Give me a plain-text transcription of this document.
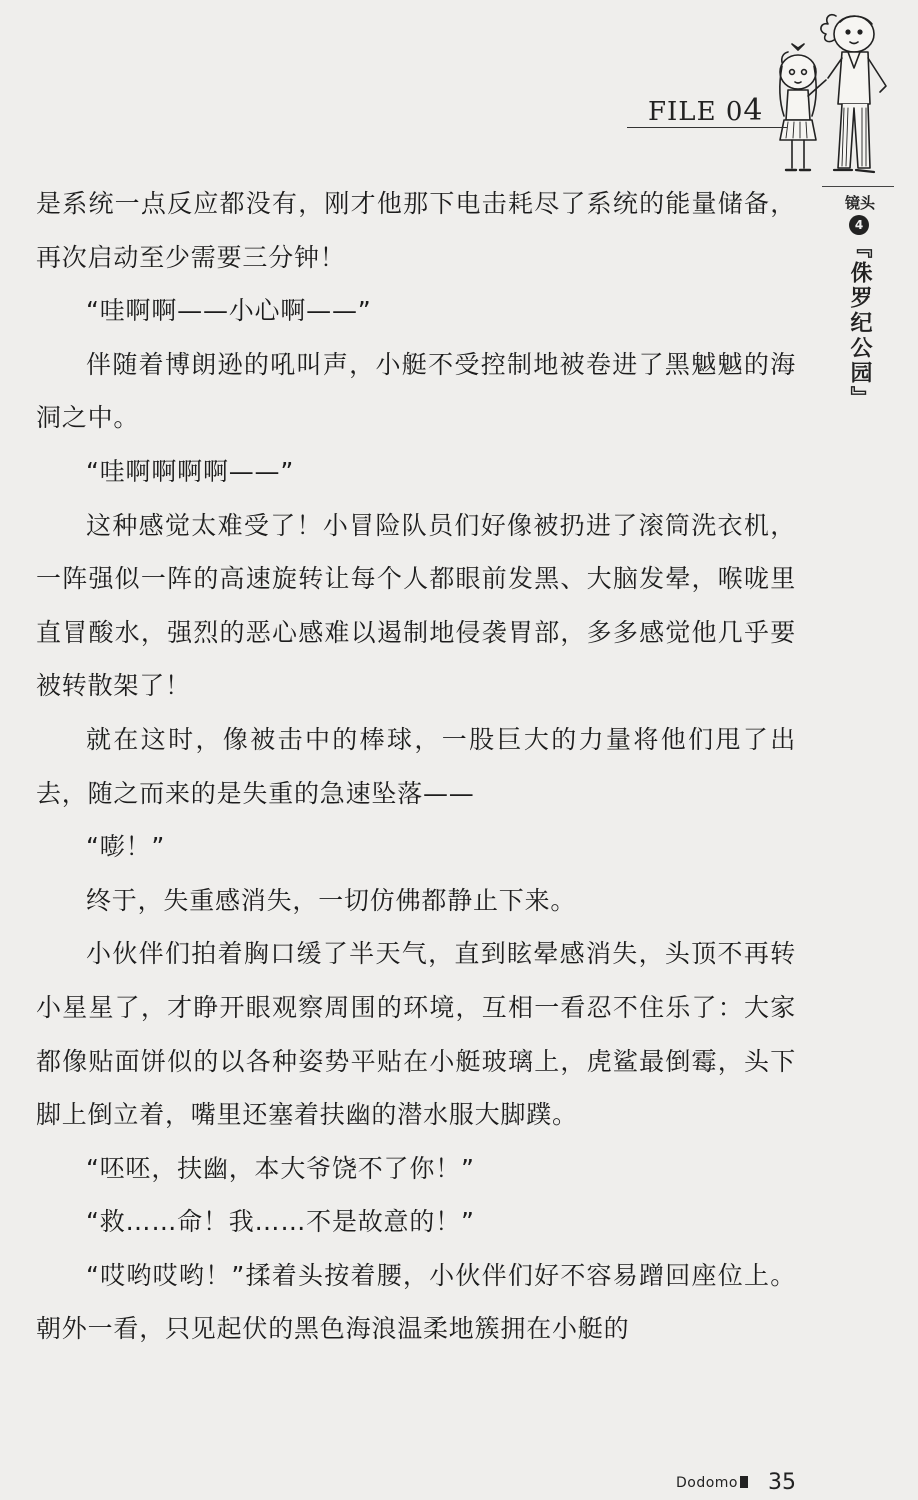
FILE 04
镜头
4
『侏罗纪公园』

是系统一点反应都没有，刚才他那下电击耗尽了系统的能量储备，再次启动至少需要三分钟！

“哇啊啊——小心啊——”

伴随着博朗逊的吼叫声，小艇不受控制地被卷进了黑魆魆的海洞之中。

“哇啊啊啊啊——”

这种感觉太难受了！小冒险队员们好像被扔进了滚筒洗衣机，一阵强似一阵的高速旋转让每个人都眼前发黑、大脑发晕，喉咙里直冒酸水，强烈的恶心感难以遏制地侵袭胃部，多多感觉他几乎要被转散架了！

就在这时，像被击中的棒球，一股巨大的力量将他们甩了出去，随之而来的是失重的急速坠落——

“嘭！”

终于，失重感消失，一切仿佛都静止下来。

小伙伴们拍着胸口缓了半天气，直到眩晕感消失，头顶不再转小星星了，才睁开眼观察周围的环境，互相一看忍不住乐了：大家都像贴面饼似的以各种姿势平贴在小艇玻璃上，虎鲨最倒霉，头下脚上倒立着，嘴里还塞着扶幽的潜水服大脚蹼。

“呸呸，扶幽，本大爷饶不了你！”

“救……命！我……不是故意的！”

“哎哟哎哟！”揉着头按着腰，小伙伴们好不容易蹭回座位上。朝外一看，只见起伏的黑色海浪温柔地簇拥在小艇的

Dodomo	35
